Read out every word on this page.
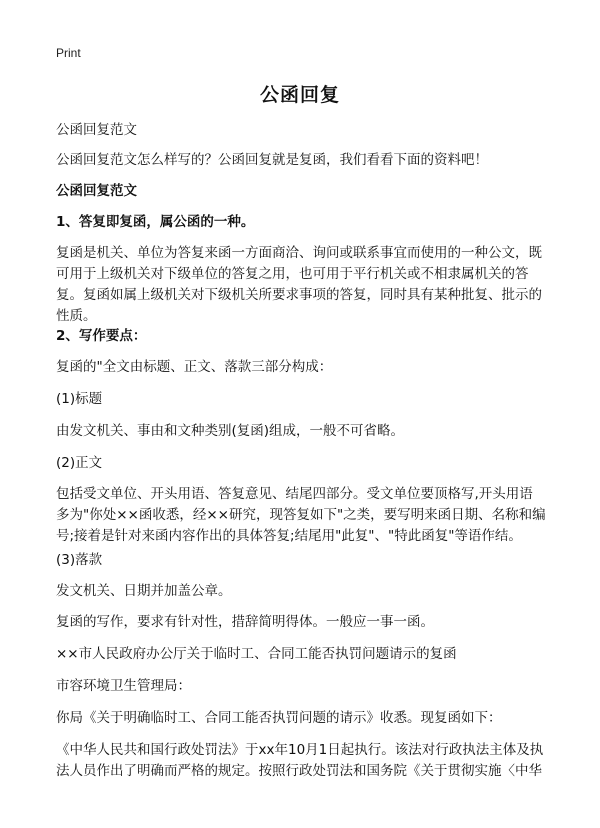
Print
公函回复

公函回复范文

公函回复范文怎么样写的？公函回复就是复函，我们看看下面的资料吧！

公函回复范文

1、答复即复函，属公函的一种。

复函是机关、单位为答复来函一方面商洽、询问或联系事宜而使用的一种公文，既可用于上级机关对下级单位的答复之用，也可用于平行机关或不相隶属机关的答复。复函如属上级机关对下级机关所要求事项的答复，同时具有某种批复、批示的性质。

2、写作要点：

复函的"全文由标题、正文、落款三部分构成：

(1)标题

由发文机关、事由和文种类别(复函)组成，一般不可省略。

(2)正文

包括受文单位、开头用语、答复意见、结尾四部分。受文单位要顶格写,开头用语多为"你处××函收悉，经××研究，现答复如下"之类，要写明来函日期、名称和编号;接着是针对来函内容作出的具体答复;结尾用"此复"、"特此函复"等语作结。

(3)落款

发文机关、日期并加盖公章。

复函的写作，要求有针对性，措辞简明得体。一般应一事一函。

××市人民政府办公厅关于临时工、合同工能否执罚问题请示的复函

市容环境卫生管理局：

你局《关于明确临时工、合同工能否执罚问题的请示》收悉。现复函如下：

《中华人民共和国行政处罚法》于xx年10月1日起执行。该法对行政执法主体及执法人员作出了明确而严格的规定。按照行政处罚法和国务院《关于贯彻实施〈中华
